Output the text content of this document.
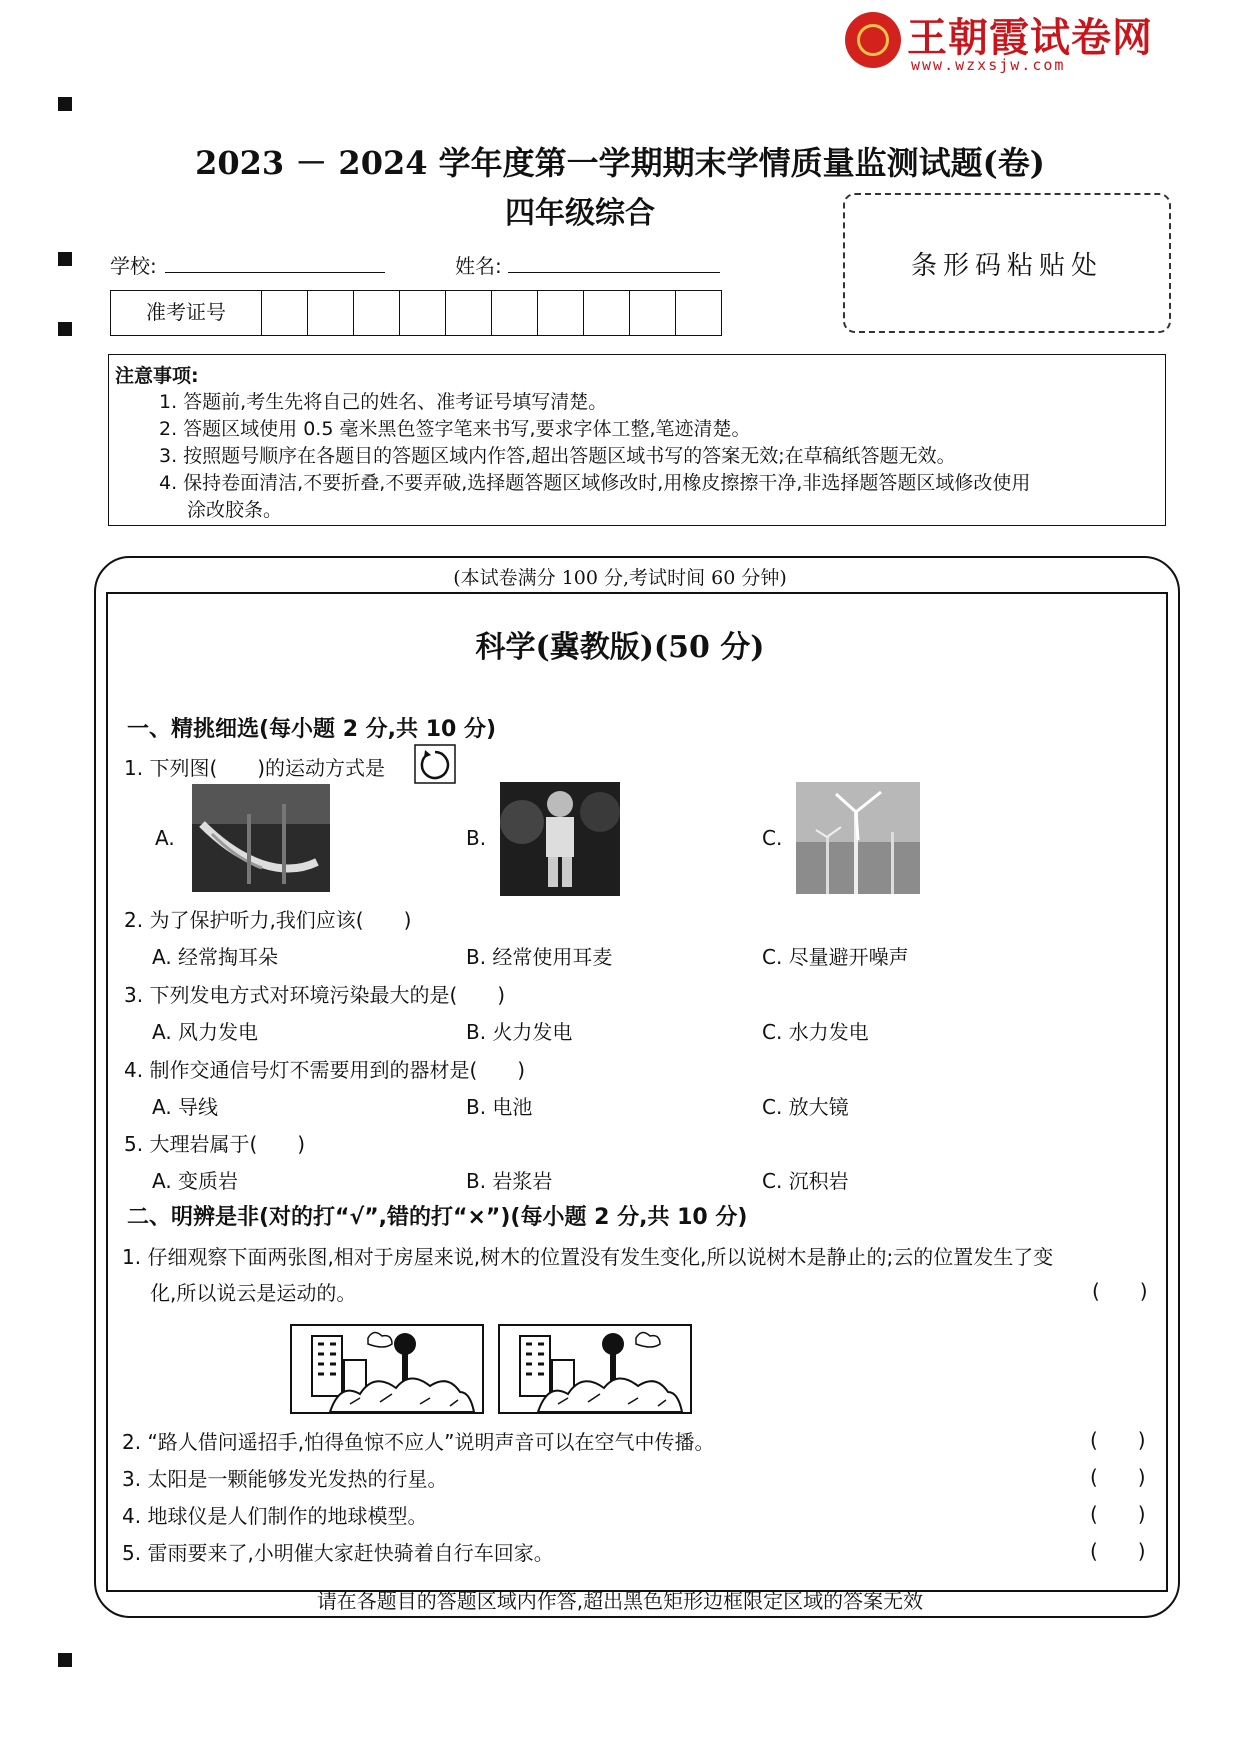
王朝霞试卷网
www.wzxsjw.com
2023 － 2024 学年度第一学期期末学情质量监测试题(卷)
四年级综合
学校:	姓名:	条形码粘贴处
准考证号
注意事项:
1. 答题前,考生先将自己的姓名、准考证号填写清楚。
2. 答题区域使用 0.5 毫米黑色签字笔来书写,要求字体工整,笔迹清楚。
3. 按照题号顺序在各题目的答题区域内作答,超出答题区域书写的答案无效;在草稿纸答题无效。
4. 保持卷面清洁,不要折叠,不要弄破,选择题答题区域修改时,用橡皮擦擦干净,非选择题答题区域修改使用
涂改胶条。
(本试卷满分 100 分,考试时间 60 分钟)
科学(冀教版)(50 分)
一、精挑细选(每小题 2 分,共 10 分)
1. 下列图(　　)的运动方式是
A.	B.	C.
2. 为了保护听力,我们应该(　　)
A. 经常掏耳朵	B. 经常使用耳麦	C. 尽量避开噪声
3. 下列发电方式对环境污染最大的是(　　)
A. 风力发电	B. 火力发电	C. 水力发电
4. 制作交通信号灯不需要用到的器材是(　　)
A. 导线	B. 电池	C. 放大镜
5. 大理岩属于(　　)
A. 变质岩	B. 岩浆岩	C. 沉积岩
二、明辨是非(对的打“√”,错的打“×”)(每小题 2 分,共 10 分)
1. 仔细观察下面两张图,相对于房屋来说,树木的位置没有发生变化,所以说树木是静止的;云的位置发生了变
化,所以说云是运动的。	(　　)
2. “路人借问遥招手,怕得鱼惊不应人”说明声音可以在空气中传播。	(　　)
3. 太阳是一颗能够发光发热的行星。	(　　)
4. 地球仪是人们制作的地球模型。	(　　)
5. 雷雨要来了,小明催大家赶快骑着自行车回家。	(　　)
请在各题目的答题区域内作答,超出黑色矩形边框限定区域的答案无效
